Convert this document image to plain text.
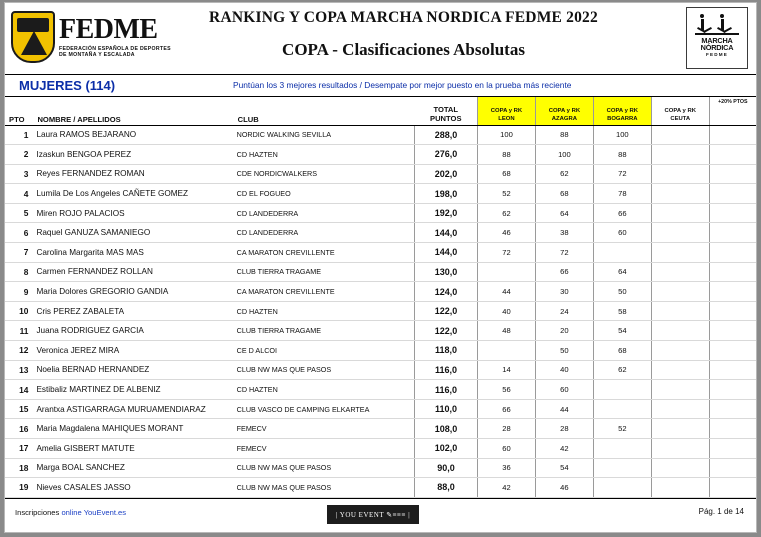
FEDME
FEDERACIÓN ESPAÑOLA DE DEPORTES DE MONTAÑA Y ESCALADA
RANKING Y COPA MARCHA NORDICA FEDME 2022
COPA - Clasificaciones Absolutas	MARCHA
NÓRDICA
FEDME
MUJERES (114)	Puntúan los 3 mejores resultados / Desempate por mejor puesto en la prueba más reciente
PTO	NOMBRE / APELLIDOS	CLUB	TOTAL
PUNTOS	COPA y RK
LEON	COPA y RK
AZAGRA	COPA y RK
BOGARRA	COPA y RK
CEUTA	+20% PTOS
1	Laura RAMOS BEJARANO	NORDIC WALKING SEVILLA	288,0	100	88	100		
2	Izaskun BENGOA PEREZ	CD HAZTEN	276,0	88	100	88		
3	Reyes FERNANDEZ ROMAN	CDE NORDICWALKERS	202,0	68	62	72		
4	Lumila De Los Angeles CAÑETE GOMEZ	CD EL FOGUEO	198,0	52	68	78		
5	Miren ROJO PALACIOS	CD LANDEDERRA	192,0	62	64	66		
6	Raquel GANUZA SAMANIEGO	CD LANDEDERRA	144,0	46	38	60		
7	Carolina Margarita MAS MAS	CA MARATON CREVILLENTE	144,0	72	72			
8	Carmen FERNANDEZ ROLLAN	CLUB TIERRA TRAGAME	130,0		66	64		
9	Maria Dolores GREGORIO GANDIA	CA MARATON CREVILLENTE	124,0	44	30	50		
10	Cris PEREZ ZABALETA	CD HAZTEN	122,0	40	24	58		
11	Juana RODRIGUEZ GARCIA	CLUB TIERRA TRAGAME	122,0	48	20	54		
12	Veronica JEREZ MIRA	CE D ALCOI	118,0		50	68		
13	Noelia BERNAD HERNANDEZ	CLUB NW MAS QUE PASOS	116,0	14	40	62		
14	Estibaliz MARTINEZ DE ALBENIZ	CD HAZTEN	116,0	56	60			
15	Arantxa ASTIGARRAGA MURUAMENDIARAZ	CLUB VASCO DE CAMPING ELKARTEA	110,0	66	44			
16	Maria Magdalena MAHIQUES MORANT	FEMECV	108,0	28	28	52		
17	Amelia GISBERT MATUTE	FEMECV	102,0	60	42			
18	Marga BOAL SANCHEZ	CLUB NW MAS QUE PASOS	90,0	36	54			
19	Nieves CASALES JASSO	CLUB NW MAS QUE PASOS	88,0	42	46			
Inscripciones online YouEvent.es	| YOU EVENT ✎≡≡≡ |	Pág. 1 de 14
